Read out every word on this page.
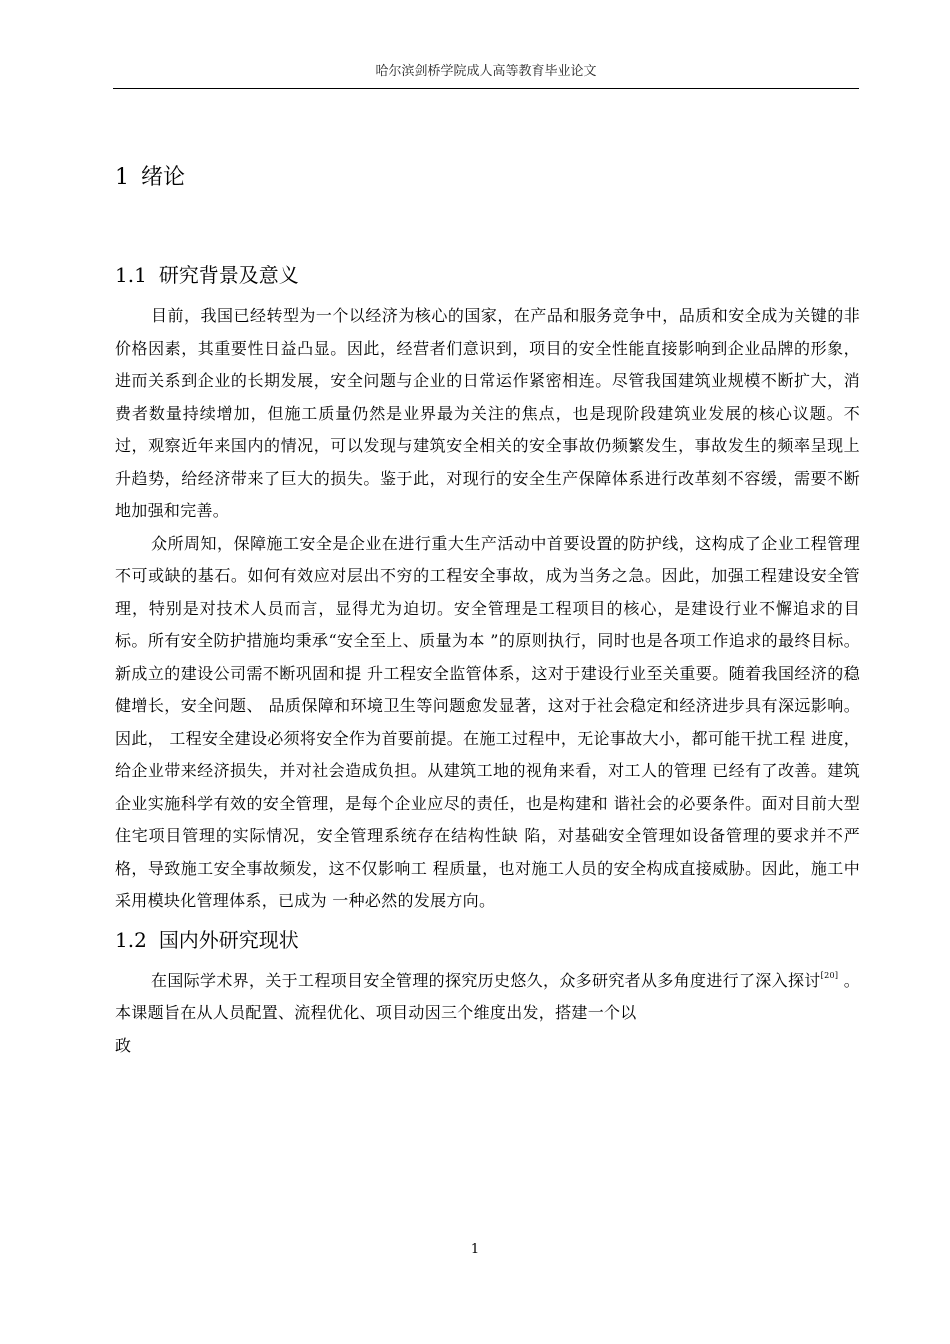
哈尔滨剑桥学院成人高等教育毕业论文
1 绪论
1.1 研究背景及意义

目前，我国已经转型为一个以经济为核心的国家，在产品和服务竞争中，品质和安全成为关键的非价格因素，其重要性日益凸显。因此，经营者们意识到，项目的安全性能直接影响到企业品牌的形象，进而关系到企业的长期发展，安全问题与企业的日常运作紧密相连。尽管我国建筑业规模不断扩大，消费者数量持续增加，但施工质量仍然是业界最为关注的焦点，也是现阶段建筑业发展的核心议题。不过，观察近年来国内的情况，可以发现与建筑安全相关的安全事故仍频繁发生，事故发生的频率呈现上升趋势，给经济带来了巨大的损失。鉴于此，对现行的安全生产保障体系进行改革刻不容缓，需要不断地加强和完善。

众所周知，保障施工安全是企业在进行重大生产活动中首要设置的防护线，这构成了企业工程管理不可或缺的基石。如何有效应对层出不穷的工程安全事故，成为当务之急。因此，加强工程建设安全管理，特别是对技术人员而言，显得尤为迫切。安全管理是工程项目的核心，是建设行业不懈追求的目标。所有安全防护措施均秉承“安全至上、质量为本 ”的原则执行，同时也是各项工作追求的最终目标。新成立的建设公司需不断巩固和提 升工程安全监管体系，这对于建设行业至关重要。随着我国经济的稳健增长，安全问题、 品质保障和环境卫生等问题愈发显著，这对于社会稳定和经济进步具有深远影响。因此， 工程安全建设必须将安全作为首要前提。在施工过程中，无论事故大小，都可能干扰工程 进度，给企业带来经济损失，并对社会造成负担。从建筑工地的视角来看，对工人的管理 已经有了改善。建筑企业实施科学有效的安全管理，是每个企业应尽的责任，也是构建和 谐社会的必要条件。面对目前大型住宅项目管理的实际情况，安全管理系统存在结构性缺 陷，对基础安全管理如设备管理的要求并不严格，导致施工安全事故频发，这不仅影响工 程质量，也对施工人员的安全构成直接威胁。因此，施工中采用模块化管理体系，已成为 一种必然的发展方向。

1.2 国内外研究现状

在国际学术界，关于工程项目安全管理的探究历史悠久，众多研究者从多角度进行了深入探讨[20] 。本课题旨在从人员配置、流程优化、项目动因三个维度出发，搭建一个以
政

1
